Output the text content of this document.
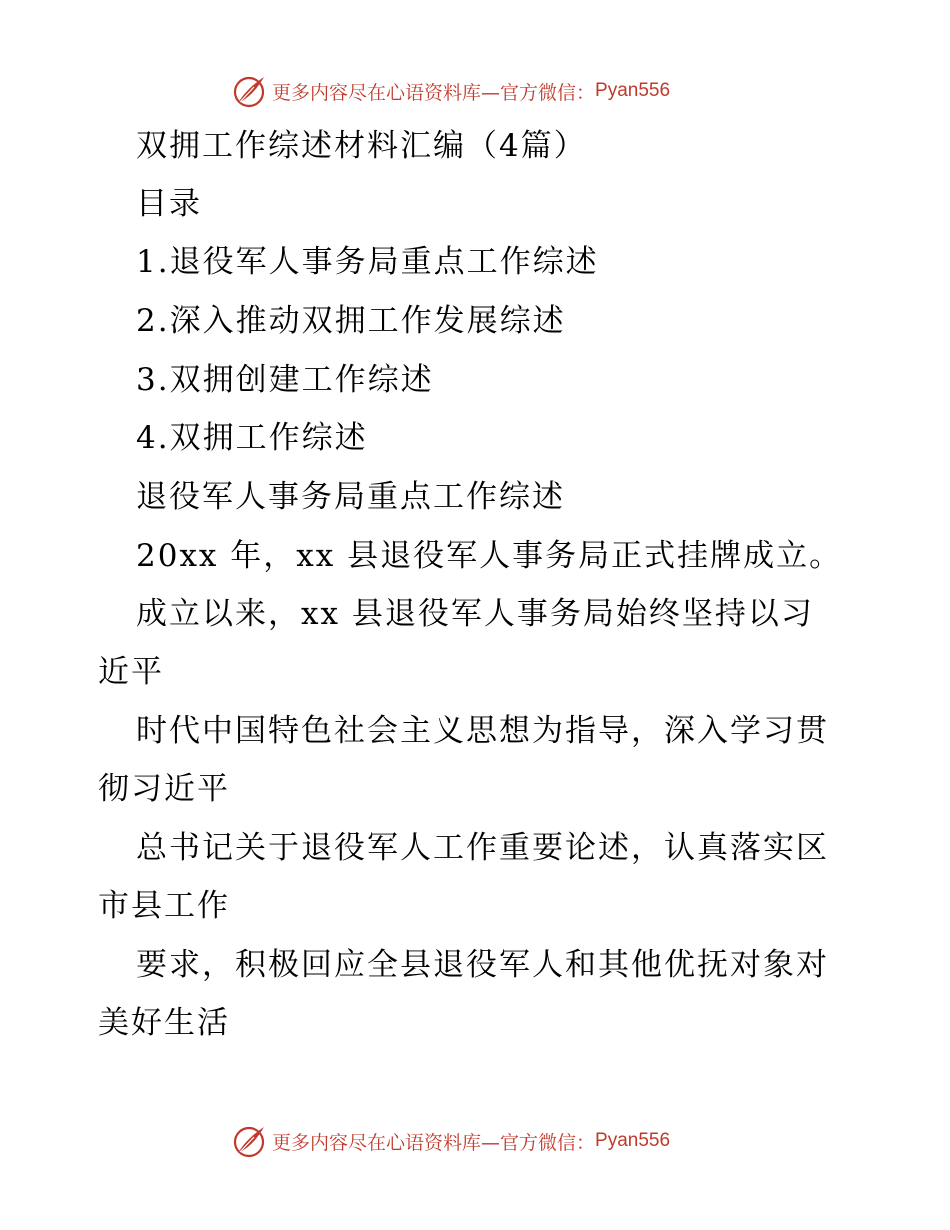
更多内容尽在心语资料库—官方微信： Pyan556
双拥工作综述材料汇编（4篇）
目录
1.退役军人事务局重点工作综述
2.深入推动双拥工作发展综述
3.双拥创建工作综述
4.双拥工作综述
退役军人事务局重点工作综述
20xx 年，xx 县退役军人事务局正式挂牌成立。
成立以来，xx 县退役军人事务局始终坚持以习
近平
时代中国特色社会主义思想为指导，深入学习贯
彻习近平
总书记关于退役军人工作重要论述，认真落实区
市县工作
要求，积极回应全县退役军人和其他优抚对象对
美好生活
更多内容尽在心语资料库—官方微信： Pyan556
